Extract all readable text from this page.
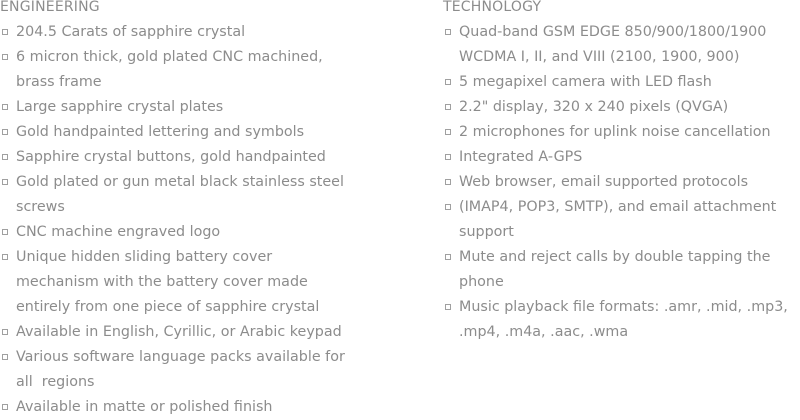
ENGINEERING
204.5 Carats of sapphire crystal
6 micron thick, gold plated CNC machined,
brass frame
Large sapphire crystal plates
Gold handpainted lettering and symbols
Sapphire crystal buttons, gold handpainted
Gold plated or gun metal black stainless steel
screws
CNC machine engraved logo
Unique hidden sliding battery cover
mechanism with the battery cover made
entirely from one piece of sapphire crystal
Available in English, Cyrillic, or Arabic keypad
Various software language packs available for
all  regions
Available in matte or polished finish
TECHNOLOGY
Quad-band GSM EDGE 850/900/1800/1900
WCDMA I, II, and VIII (2100, 1900, 900)
5 megapixel camera with LED flash
2.2" display, 320 x 240 pixels (QVGA)
2 microphones for uplink noise cancellation
Integrated A-GPS
Web browser, email supported protocols
(IMAP4, POP3, SMTP), and email attachment
support
Mute and reject calls by double tapping the
phone
Music playback file formats: .amr, .mid, .mp3,
.mp4, .m4a, .aac, .wma
